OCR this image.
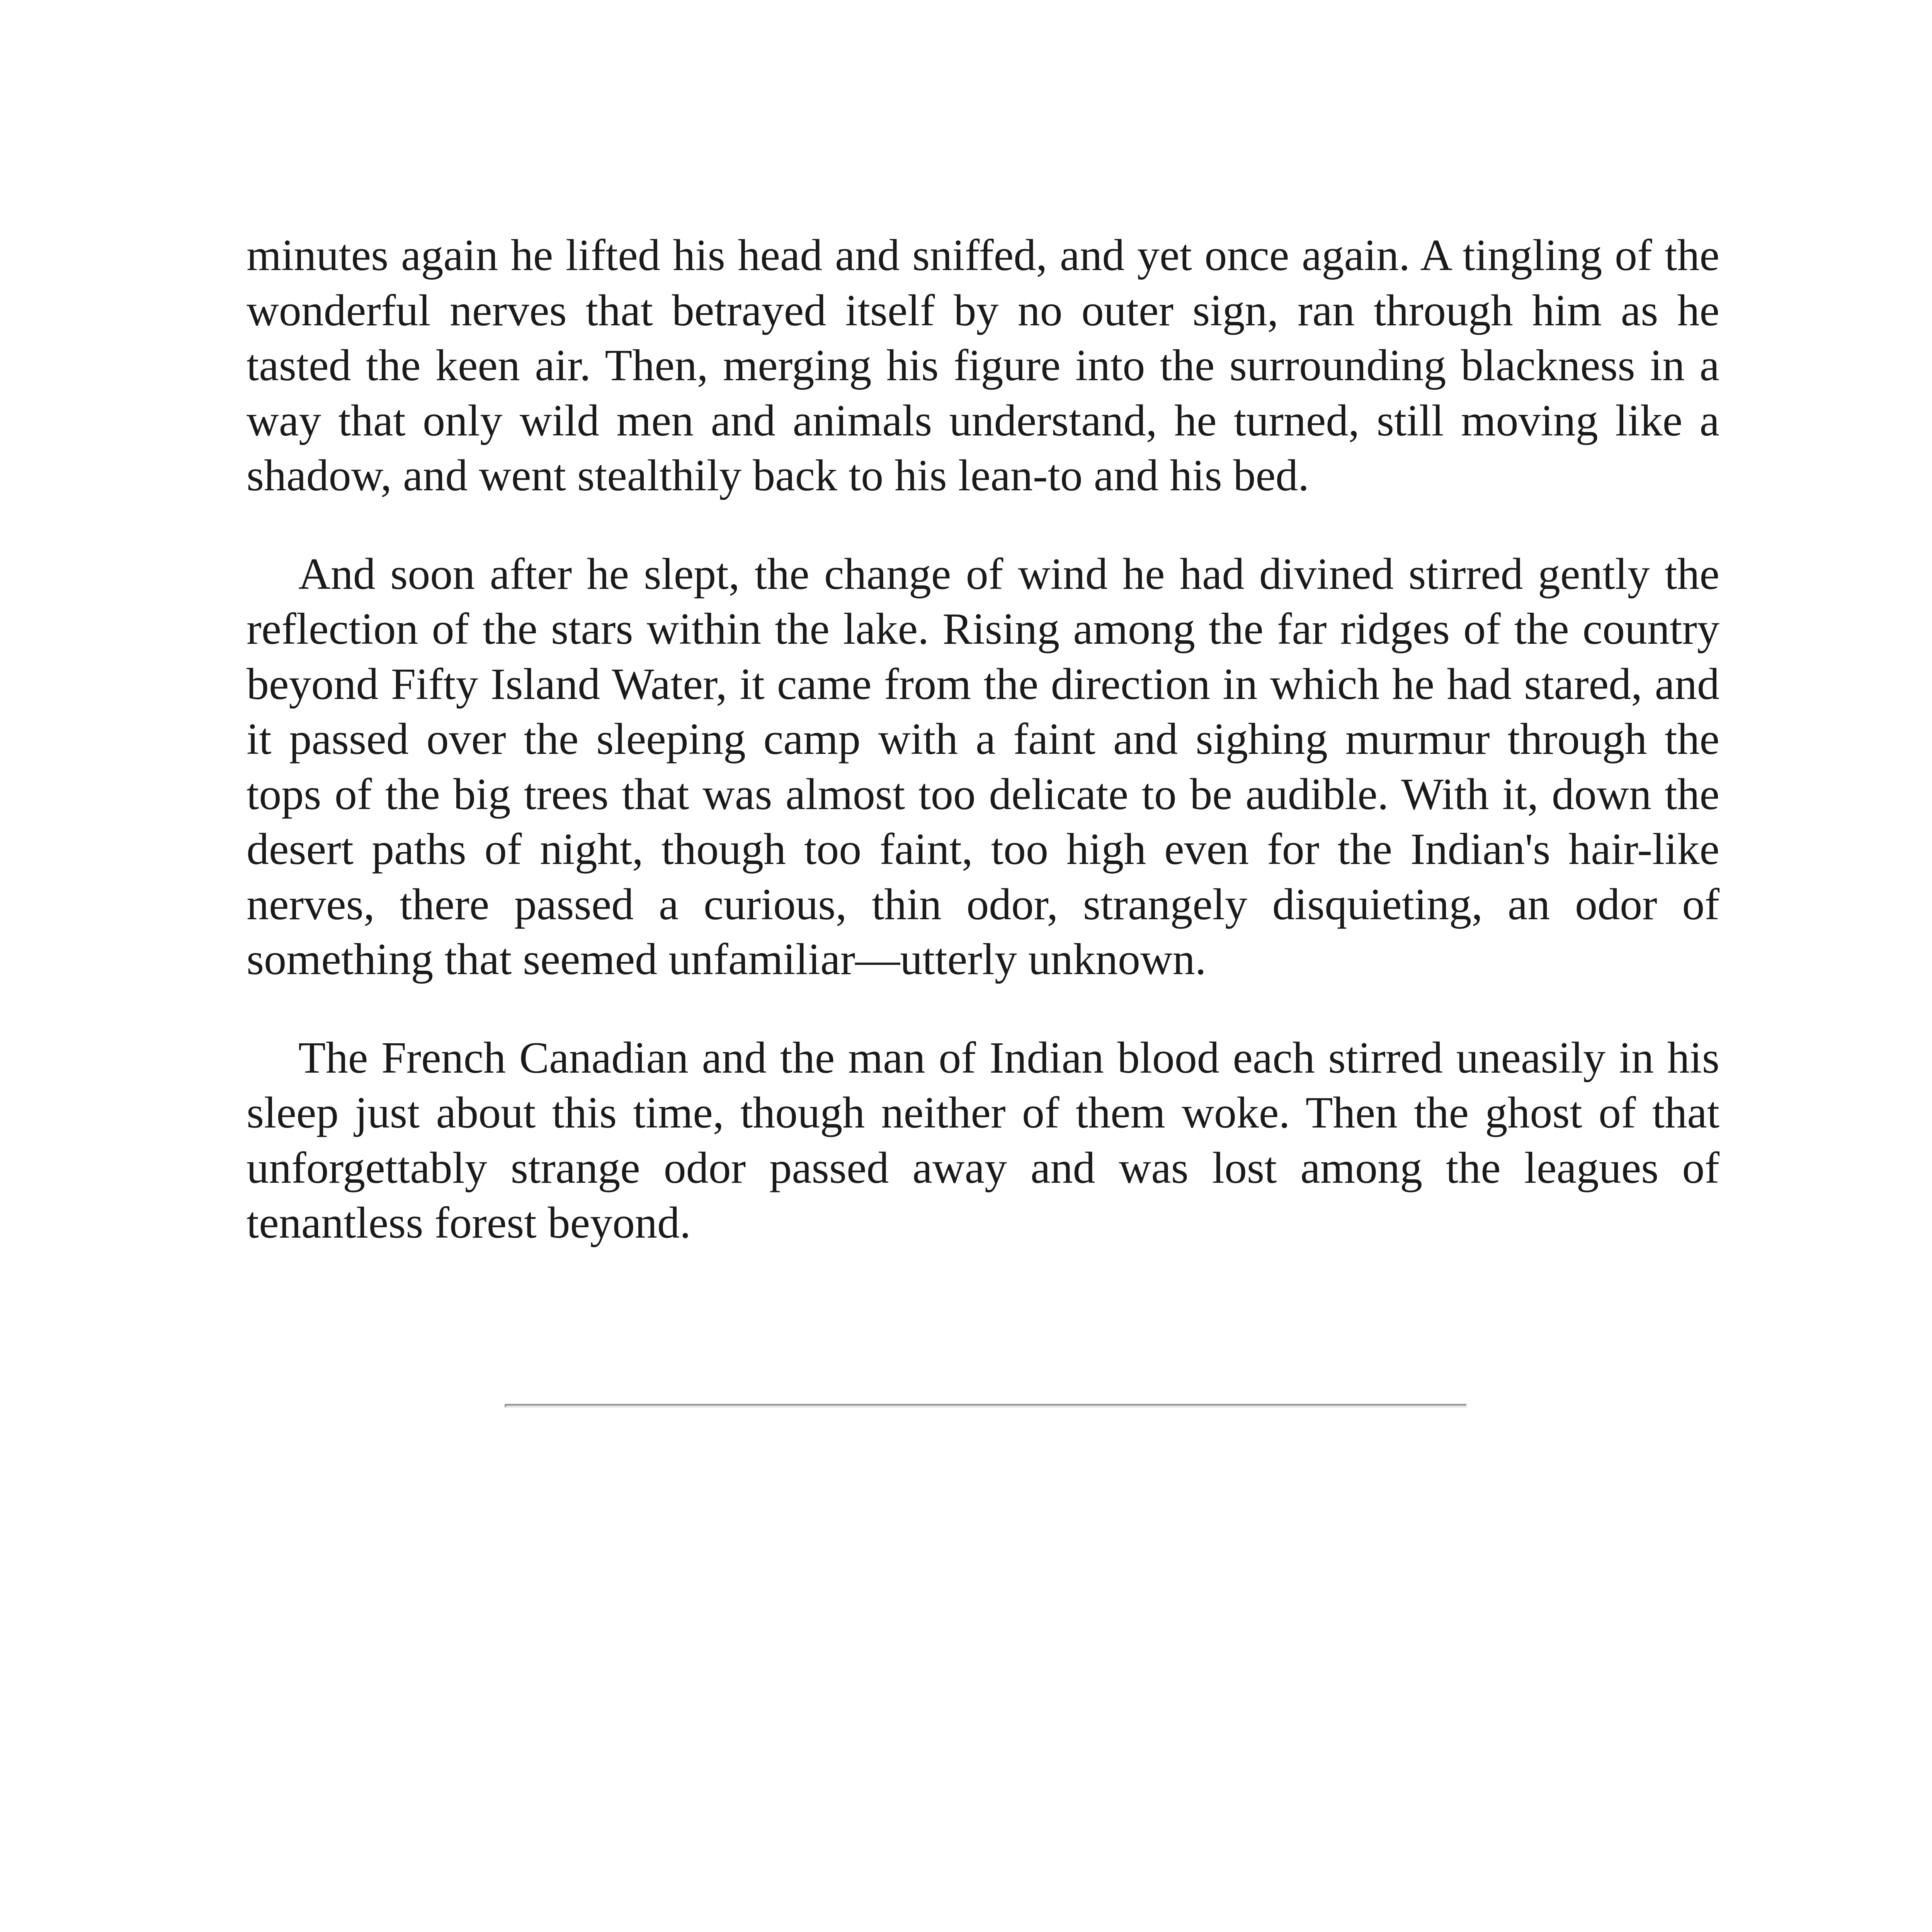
minutes again he lifted his head and sniffed, and yet once again. A tingling of the wonderful nerves that betrayed itself by no outer sign, ran through him as he tasted the keen air. Then, merging his figure into the surrounding blackness in a way that only wild men and animals understand, he turned, still moving like a shadow, and went stealthily back to his lean-to and his bed.

And soon after he slept, the change of wind he had divined stirred gently the reflection of the stars within the lake. Rising among the far ridges of the country beyond Fifty Island Water, it came from the direction in which he had stared, and it passed over the sleeping camp with a faint and sighing murmur through the tops of the big trees that was almost too delicate to be audible. With it, down the desert paths of night, though too faint, too high even for the Indian's hair-like nerves, there passed a curious, thin odor, strangely disquieting, an odor of something that seemed unfamiliar—utterly unknown.

The French Canadian and the man of Indian blood each stirred uneasily in his sleep just about this time, though neither of them woke. Then the ghost of that unforgettably strange odor passed away and was lost among the leagues of tenantless forest beyond.
